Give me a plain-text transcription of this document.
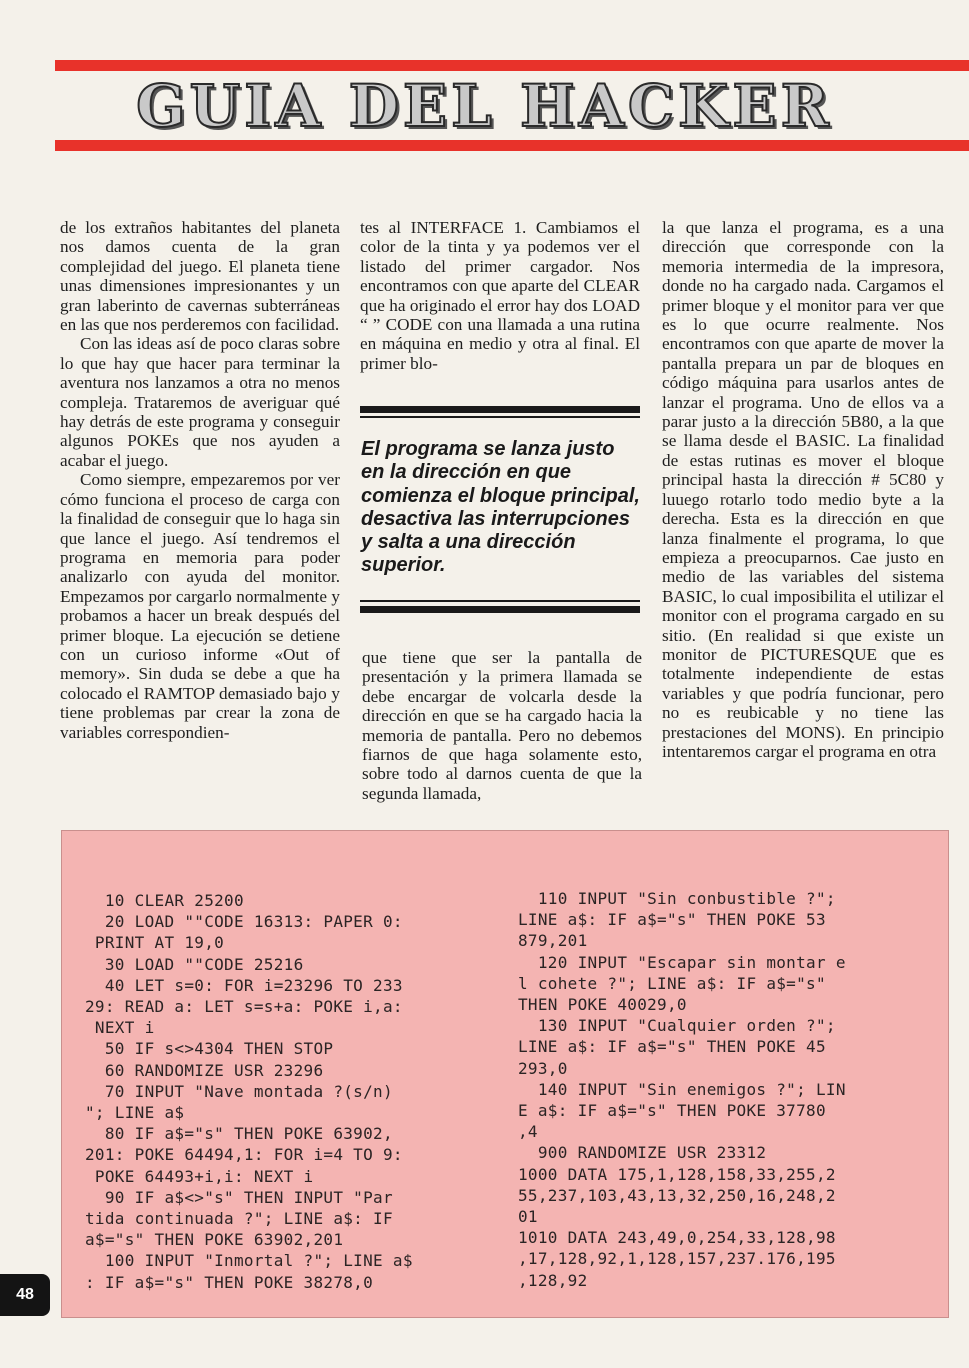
GUIA DEL HACKER

de los extraños habitantes del planeta nos damos cuenta de la gran complejidad del juego. El planeta tiene unas dimensiones impresionantes y un gran laberinto de cavernas subterráneas en las que nos perderemos con facilidad.

Con las ideas así de poco claras sobre lo que hay que hacer para terminar la aventura nos lanzamos a otra no menos compleja. Trataremos de averiguar qué hay detrás de este programa y conseguir algunos POKEs que nos ayuden a acabar el juego.

Como siempre, empezaremos por ver cómo funciona el proceso de carga con la finalidad de conseguir que lo haga sin que lance el juego. Así tendremos el programa en memoria para poder analizarlo con ayuda del monitor. Empezamos por cargarlo normalmente y probamos a hacer un break después del primer bloque. La ejecución se detiene con un curioso informe «Out of memory». Sin duda se debe a que ha colocado el RAMTOP demasiado bajo y tiene problemas par crear la zona de variables correspondien-

tes al INTERFACE 1. Cambiamos el color de la tinta y ya podemos ver el listado del primer cargador. Nos encontramos con que aparte del CLEAR que ha originado el error hay dos LOAD “ ” CODE con una llamada a una rutina en máquina en medio y otra al final. El primer blo-

El programa se lanza justo en la dirección en que comienza el bloque principal, desactiva las interrupciones y salta a una dirección superior.

que tiene que ser la pantalla de presentación y la primera llamada se debe encargar de volcarla desde la dirección en que se ha cargado hacia la memoria de pantalla. Pero no debemos fiarnos de que haga solamente esto, sobre todo al darnos cuenta de que la segunda llamada,

la que lanza el programa, es a una dirección que corresponde con la memoria intermedia de la impresora, donde no ha cargado nada. Cargamos el primer bloque y el monitor para ver que es lo que ocurre realmente. Nos encontramos con que aparte de mover la pantalla prepara un par de bloques en código máquina para usarlos antes de lanzar el programa. Uno de ellos va a parar justo a la dirección 5B80, a la que se llama desde el BASIC. La finalidad de estas rutinas es mover el bloque principal hasta la dirección # 5C80 y luuego rotarlo todo medio byte a la derecha. Esta es la dirección en que lanza finalmente el programa, lo que empieza a preocuparnos. Cae justo en medio de las variables del sistema BASIC, lo cual imposibilita el utilizar el monitor con el programa cargado en su sitio. (En realidad si que existe un monitor de PICTURESQUE que es totalmente independiente de estas variables y que podría funcionar, pero no es reubicable y no tiene las prestaciones del MONS). En principio intentaremos cargar el programa en otra

10 CLEAR 25200
20 LOAD ""CODE 16313: PAPER 0:
PRINT AT 19,0
30 LOAD ""CODE 25216
40 LET s=0: FOR i=23296 TO 233
29: READ a: LET s=s+a: POKE i,a:
NEXT i
50 IF s<>4304 THEN STOP
60 RANDOMIZE USR 23296
70 INPUT "Nave montada ?(s/n)
"; LINE a$
80 IF a$="s" THEN POKE 63902,
201: POKE 64494,1: FOR i=4 TO 9:
POKE 64493+i,i: NEXT i
90 IF a$<>"s" THEN INPUT "Par
tida continuada ?"; LINE a$: IF
a$="s" THEN POKE 63902,201
100 INPUT "Inmortal ?"; LINE a$
: IF a$="s" THEN POKE 38278,0
110 INPUT "Sin conbustible ?";
LINE a$: IF a$="s" THEN POKE 53
879,201
120 INPUT "Escapar sin montar e
l cohete ?"; LINE a$: IF a$="s"
THEN POKE 40029,0
130 INPUT "Cualquier orden ?";
LINE a$: IF a$="s" THEN POKE 45
293,0
140 INPUT "Sin enemigos ?"; LIN
E a$: IF a$="s" THEN POKE 37780
,4
900 RANDOMIZE USR 23312
1000 DATA 175,1,128,158,33,255,2
55,237,103,43,13,32,250,16,248,2
01
1010 DATA 243,49,0,254,33,128,98
,17,128,92,1,128,157,237.176,195
,128,92
48
